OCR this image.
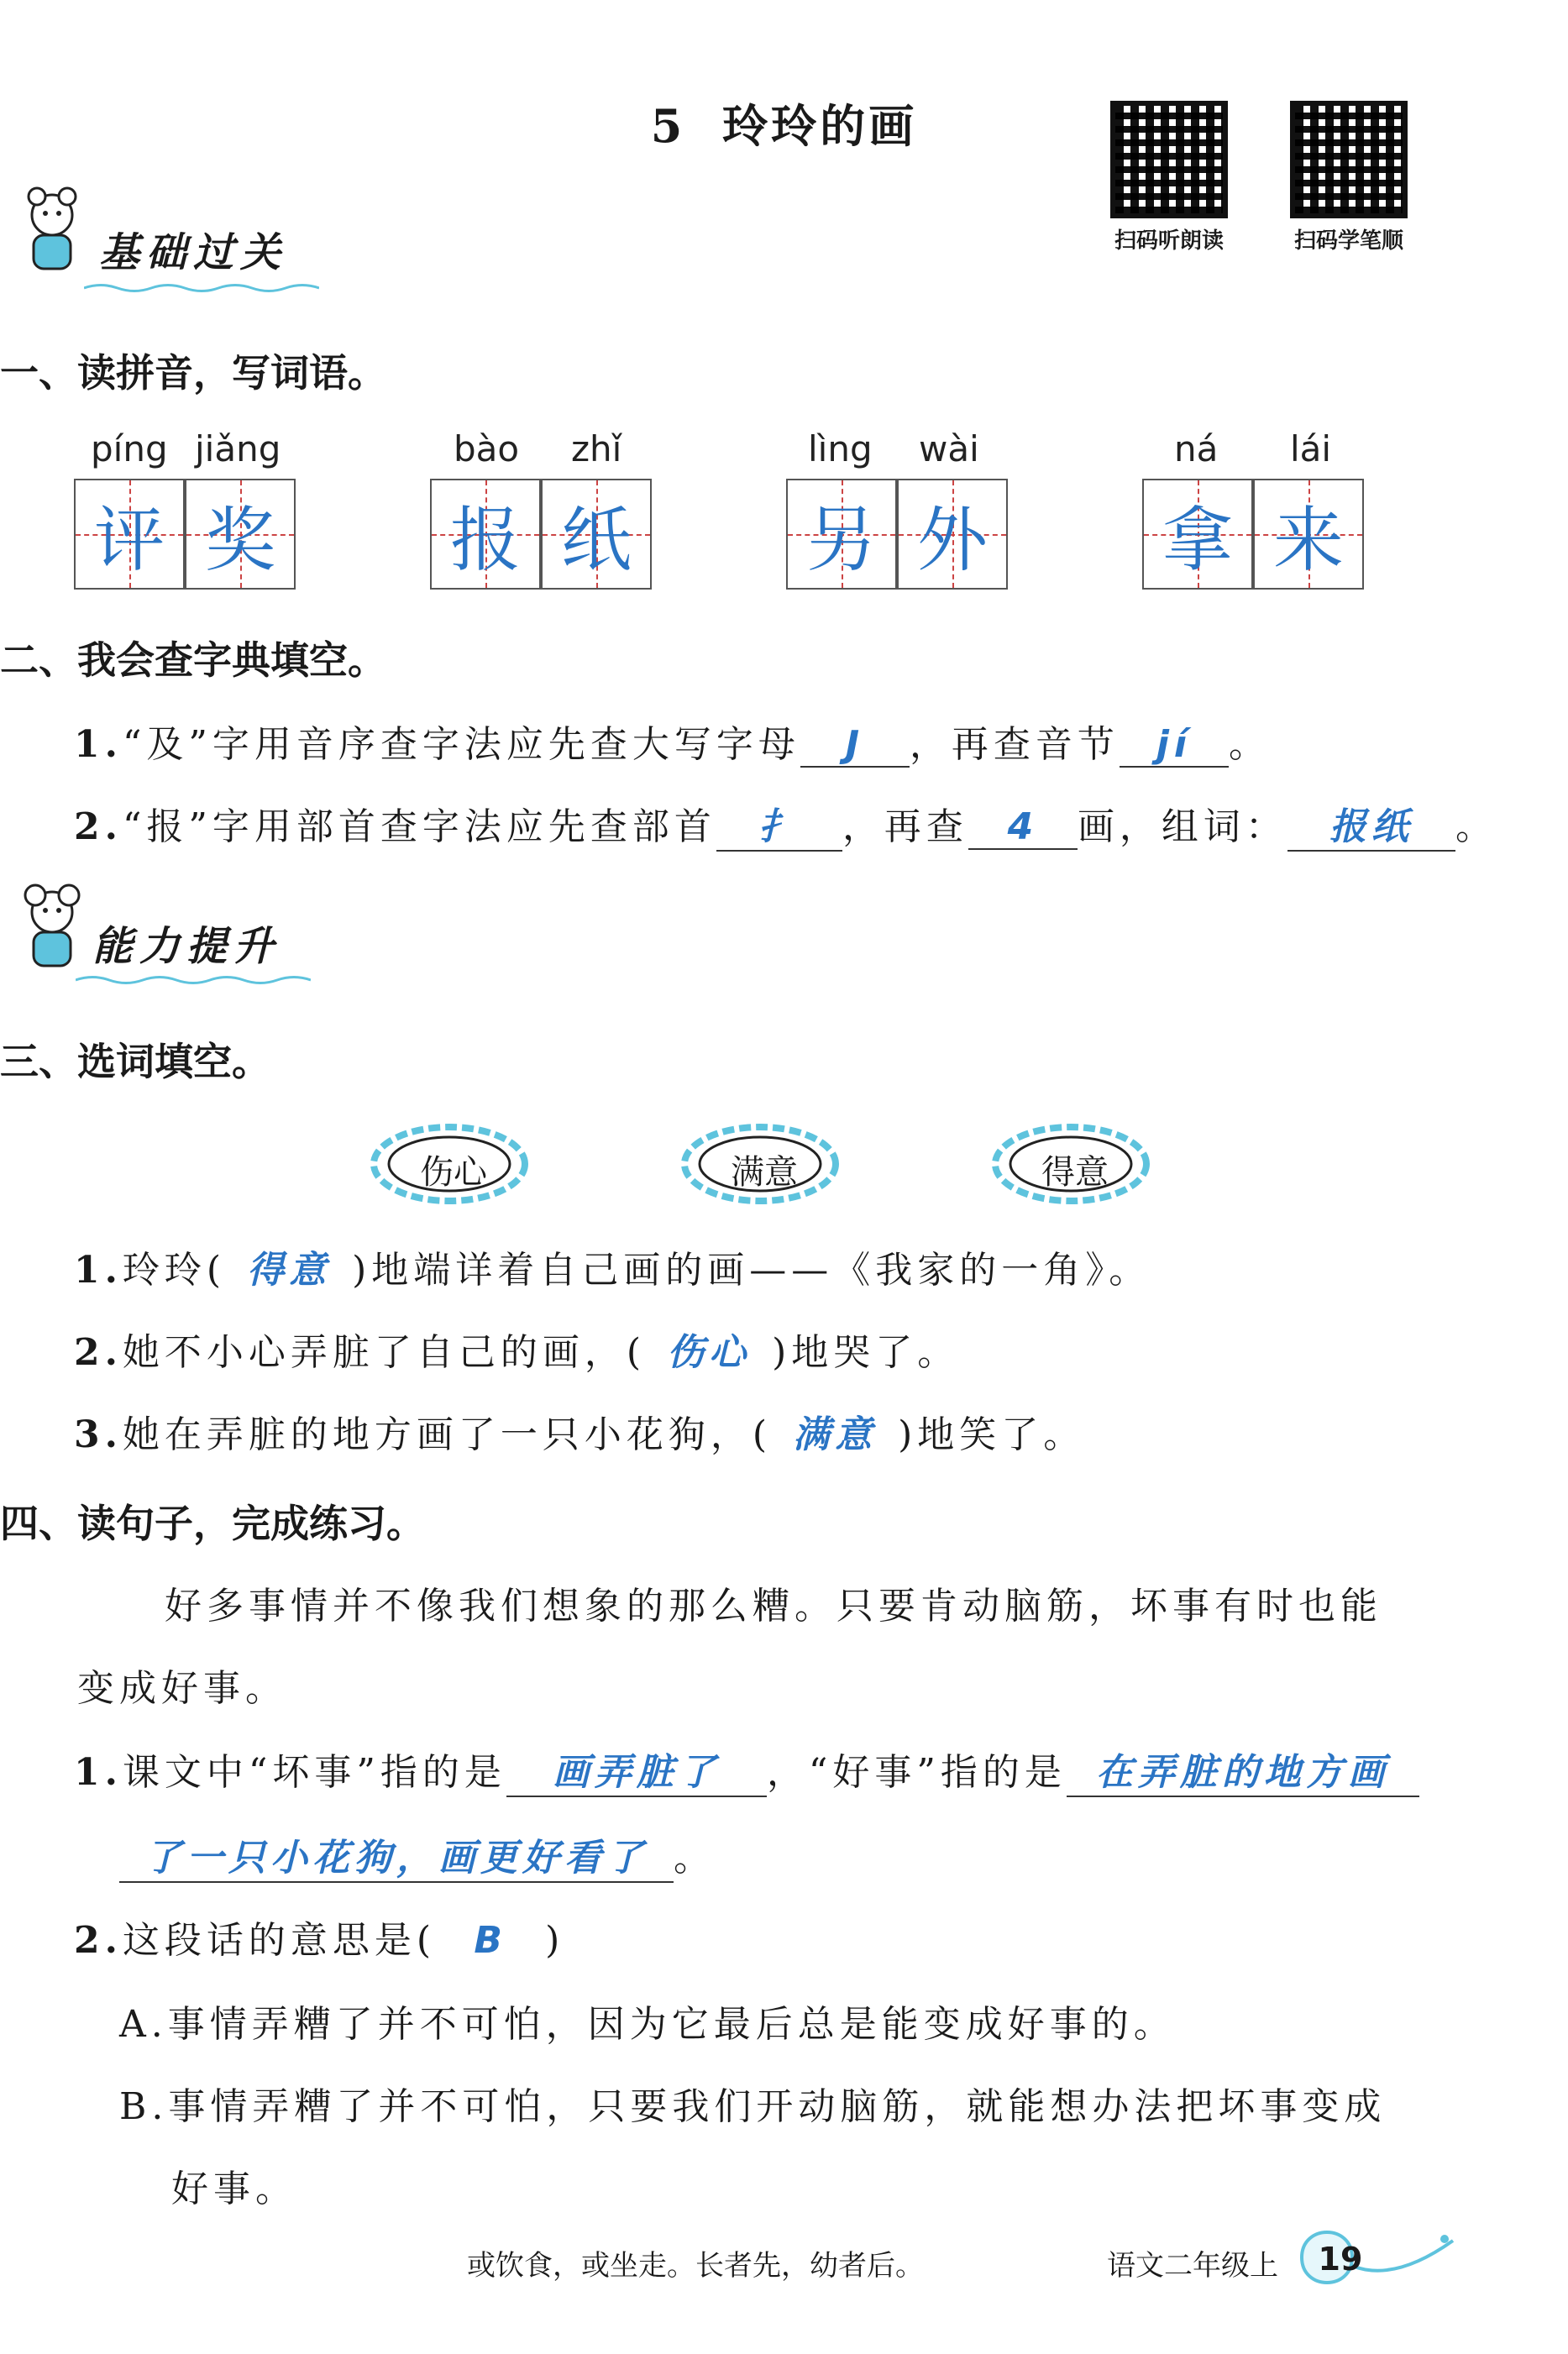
5 玲玲的画
扫码听朗读	扫码学笔顺
基础过关
一、读拼音，写词语。
píng jiǎng
评 奖
bào zhǐ
报 纸
lìng wài
另 外
ná lái
拿 来
二、我会查字典填空。
1.“及”字用音序查字法应先查大写字母 J ，再查音节 jí 。
2.“报”字用部首查字法应先查部首 扌 ，再查 4 画，组词： 报纸 。
能力提升
三、选词填空。
伤心	满意	得意
1.玲玲( 得意 )地端详着自己画的画——《我家的一角》。
2.她不小心弄脏了自己的画，( 伤心 )地哭了。
3.她在弄脏的地方画了一只小花狗，( 满意 )地笑了。
四、读句子，完成练习。
好多事情并不像我们想象的那么糟。只要肯动脑筋，坏事有时也能
变成好事。
1.课文中“坏事”指的是 画弄脏了 ，“好事”指的是 在弄脏的地方画
了一只小花狗，画更好看了 。
2.这段话的意思是( B )
A.事情弄糟了并不可怕，因为它最后总是能变成好事的。
B.事情弄糟了并不可怕，只要我们开动脑筋，就能想办法把坏事变成
好事。
或饮食，或坐走。长者先，幼者后。	语文二年级上	19
